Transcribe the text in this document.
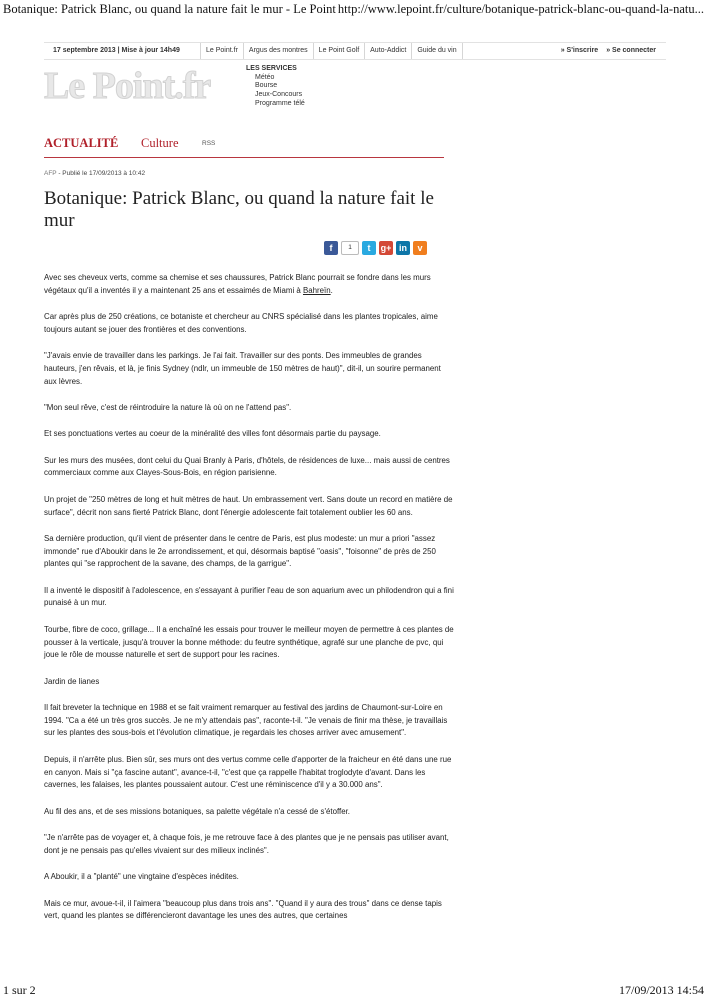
Botanique: Patrick Blanc, ou quand la nature fait le mur - Le Point http://www.lepoint.fr/culture/botanique-patrick-blanc-ou-quand-la-natu...
17 septembre 2013 | Mise à jour 14h49	Le Point.fr	Argus des montres	Le Point Golf	Auto-Addict	Guide du vin	» S'inscrire » Se connecter
Le Point.fr	LES SERVICES
Météo
Bourse
Jeux-Concours
Programme télé
ACTUALITÉ Culture	RSS
AFP - Publié le 17/09/2013 à 10:42
Botanique: Patrick Blanc, ou quand la nature fait le mur
f	1	t	g+ in	v

Avec ses cheveux verts, comme sa chemise et ses chaussures, Patrick Blanc pourrait se fondre dans les murs végétaux qu'il a inventés il y a maintenant 25 ans et essaimés de Miami à Bahreïn.

Car après plus de 250 créations, ce botaniste et chercheur au CNRS spécialisé dans les plantes tropicales, aime toujours autant se jouer des frontières et des conventions.

"J'avais envie de travailler dans les parkings. Je l'ai fait. Travailler sur des ponts. Des immeubles de grandes hauteurs, j'en rêvais, et là, je finis Sydney (ndlr, un immeuble de 150 mètres de haut)", dit-il, un sourire permanent aux lèvres.

"Mon seul rêve, c'est de réintroduire la nature là où on ne l'attend pas".

Et ses ponctuations vertes au coeur de la minéralité des villes font désormais partie du paysage.

Sur les murs des musées, dont celui du Quai Branly à Paris, d'hôtels, de résidences de luxe... mais aussi de centres commerciaux comme aux Clayes-Sous-Bois, en région parisienne.

Un projet de "250 mètres de long et huit mètres de haut. Un embrassement vert. Sans doute un record en matière de surface", décrit non sans fierté Patrick Blanc, dont l'énergie adolescente fait totalement oublier les 60 ans.

Sa dernière production, qu'il vient de présenter dans le centre de Paris, est plus modeste: un mur a priori "assez immonde" rue d'Aboukir dans le 2e arrondissement, et qui, désormais baptisé "oasis", "foisonne" de près de 250 plantes qui "se rapprochent de la savane, des champs, de la garrigue".

Il a inventé le dispositif à l'adolescence, en s'essayant à purifier l'eau de son aquarium avec un philodendron qui a fini punaisé à un mur.

Tourbe, fibre de coco, grillage... Il a enchaîné les essais pour trouver le meilleur moyen de permettre à ces plantes de pousser à la verticale, jusqu'à trouver la bonne méthode: du feutre synthétique, agrafé sur une planche de pvc, qui joue le rôle de mousse naturelle et sert de support pour les racines.

Jardin de lianes

Il fait breveter la technique en 1988 et se fait vraiment remarquer au festival des jardins de Chaumont-sur-Loire en 1994. "Ca a été un très gros succès. Je ne m'y attendais pas", raconte-t-il. "Je venais de finir ma thèse, je travaillais sur les plantes des sous-bois et l'évolution climatique, je regardais les choses arriver avec amusement".

Depuis, il n'arrête plus. Bien sûr, ses murs ont des vertus comme celle d'apporter de la fraicheur en été dans une rue en canyon. Mais si "ça fascine autant", avance-t-il, "c'est que ça rappelle l'habitat troglodyte d'avant. Dans les cavernes, les falaises, les plantes poussaient autour. C'est une réminiscence d'il y a 30.000 ans".

Au fil des ans, et de ses missions botaniques, sa palette végétale n'a cessé de s'étoffer.

"Je n'arrête pas de voyager et, à chaque fois, je me retrouve face à des plantes que je ne pensais pas utiliser avant, dont je ne pensais pas qu'elles vivaient sur des milieux inclinés".

A Aboukir, il a "planté" une vingtaine d'espèces inédites.

Mais ce mur, avoue-t-il, il l'aimera "beaucoup plus dans trois ans". "Quand il y aura des trous" dans ce dense tapis vert, quand les plantes se différencieront davantage les unes des autres, que certaines

1 sur 2	17/09/2013 14:54
